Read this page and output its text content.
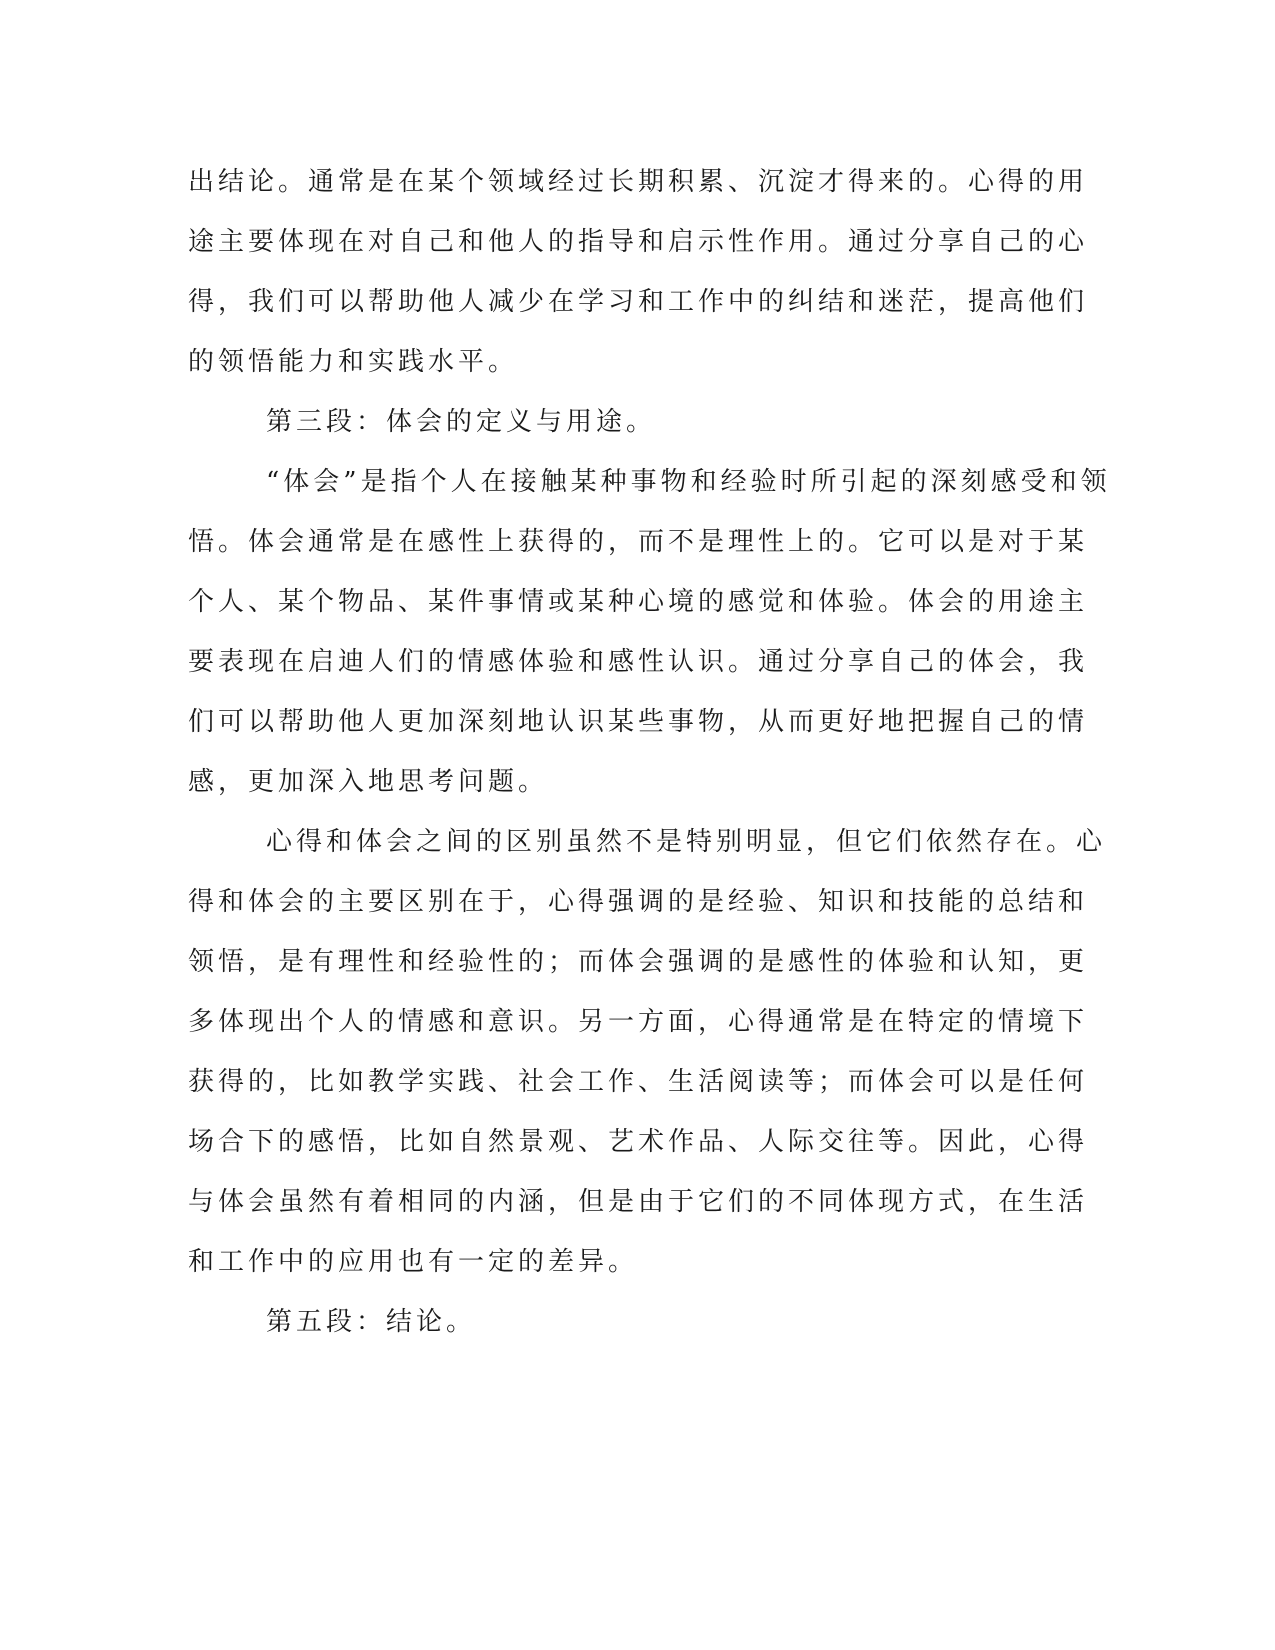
出结论。通常是在某个领域经过长期积累、沉淀才得来的。心得的用
途主要体现在对自己和他人的指导和启示性作用。通过分享自己的心
得，我们可以帮助他人减少在学习和工作中的纠结和迷茫，提高他们
的领悟能力和实践水平。
第三段：体会的定义与用途。
“体会”是指个人在接触某种事物和经验时所引起的深刻感受和领
悟。体会通常是在感性上获得的，而不是理性上的。它可以是对于某
个人、某个物品、某件事情或某种心境的感觉和体验。体会的用途主
要表现在启迪人们的情感体验和感性认识。通过分享自己的体会，我
们可以帮助他人更加深刻地认识某些事物，从而更好地把握自己的情
感，更加深入地思考问题。
心得和体会之间的区别虽然不是特别明显，但它们依然存在。心
得和体会的主要区别在于，心得强调的是经验、知识和技能的总结和
领悟，是有理性和经验性的；而体会强调的是感性的体验和认知，更
多体现出个人的情感和意识。另一方面，心得通常是在特定的情境下
获得的，比如教学实践、社会工作、生活阅读等；而体会可以是任何
场合下的感悟，比如自然景观、艺术作品、人际交往等。因此，心得
与体会虽然有着相同的内涵，但是由于它们的不同体现方式，在生活
和工作中的应用也有一定的差异。
第五段：结论。
